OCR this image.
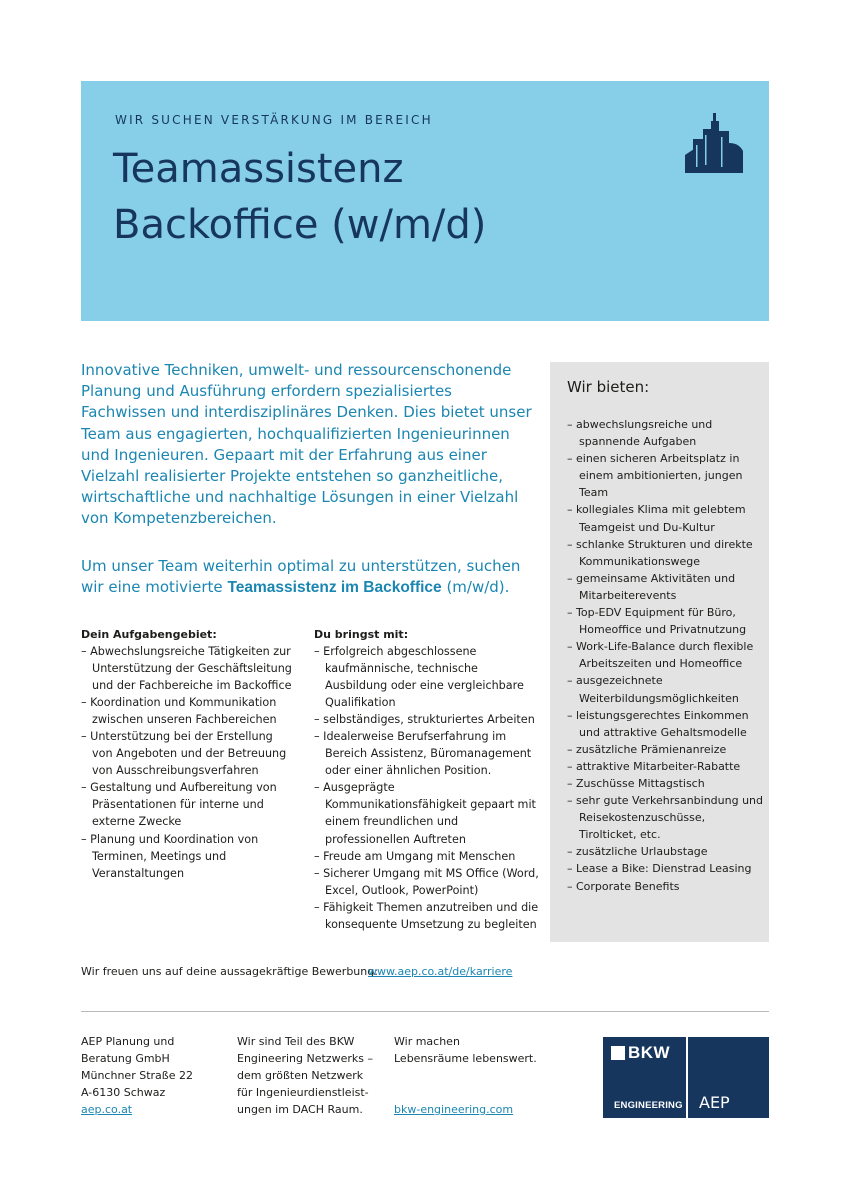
WIR SUCHEN VERSTÄRKUNG IM BEREICH
Teamassistenz
Backoffice (w/m/d)

Innovative Techniken, umwelt- und ressourcenschonende Planung und Ausführung erfordern spezialisiertes Fachwissen und interdisziplinäres Denken. Dies bietet unser Team aus engagierten, hochqualifizierten Ingenieurinnen und Ingenieuren. Gepaart mit der Erfahrung aus einer Vielzahl realisierter Projekte entstehen so ganzheitliche, wirtschaftliche und nachhaltige Lösungen in einer Vielzahl von Kompetenzbereichen.

Um unser Team weiterhin optimal zu unterstützen, suchen wir eine motivierte Teamassistenz im Backoffice (m/w/d).

Dein Aufgabengebiet:
– Abwechslungsreiche Tätigkeiten zur Unterstützung der Geschäftsleitung und der Fachbereiche im Backoffice
– Koordination und Kommunikation zwischen unseren Fachbereichen
– Unterstützung bei der Erstellung von Angeboten und der Betreuung von Ausschreibungsverfahren
– Gestaltung und Aufbereitung von Präsentationen für interne und externe Zwecke
– Planung und Koordination von Terminen, Meetings und Veranstaltungen
Du bringst mit:
– Erfolgreich abgeschlossene kaufmännische, technische Ausbildung oder eine vergleichbare Qualifikation
– selbständiges, strukturiertes Arbeiten
– Idealerweise Berufserfahrung im Bereich Assistenz, Büromanagement oder einer ähnlichen Position.
– Ausgeprägte Kommunikationsfähigkeit gepaart mit einem freundlichen und professionellen Auftreten
– Freude am Umgang mit Menschen
– Sicherer Umgang mit MS Office (Word, Excel, Outlook, PowerPoint)
– Fähigkeit Themen anzutreiben und die konsequente Umsetzung zu begleiten
Wir bieten:
– abwechslungsreiche und spannende Aufgaben
– einen sicheren Arbeitsplatz in einem ambitionierten, jungen Team
– kollegiales Klima mit gelebtem Teamgeist und Du-Kultur
– schlanke Strukturen und direkte Kommunikationswege
– gemeinsame Aktivitäten und Mitarbeiterevents
– Top-EDV Equipment für Büro, Homeoffice und Privatnutzung
– Work-Life-Balance durch flexible Arbeitszeiten und Homeoffice
– ausgezeichnete Weiterbildungsmöglichkeiten
– leistungsgerechtes Einkommen und attraktive Gehaltsmodelle
– zusätzliche Prämienanreize
– attraktive Mitarbeiter-Rabatte
– Zuschüsse Mittagstisch
– sehr gute Verkehrsanbindung und Reisekostenzuschüsse, Tirolticket, etc.
– zusätzliche Urlaubstage
– Lease a Bike: Dienstrad Leasing
– Corporate Benefits
Wir freuen uns auf deine aussagekräftige Bewerbung:
www.aep.co.at/de/karriere
AEP Planung und
Beratung GmbH
Münchner Straße 22
A-6130 Schwaz
aep.co.at
Wir sind Teil des BKW
Engineering Netzwerks –
dem größten Netzwerk
für Ingenieurdienstleist-
ungen im DACH Raum.
Wir machen
Lebensräume lebenswert.
bkw-engineering.com
BKW
ENGINEERING AEP
